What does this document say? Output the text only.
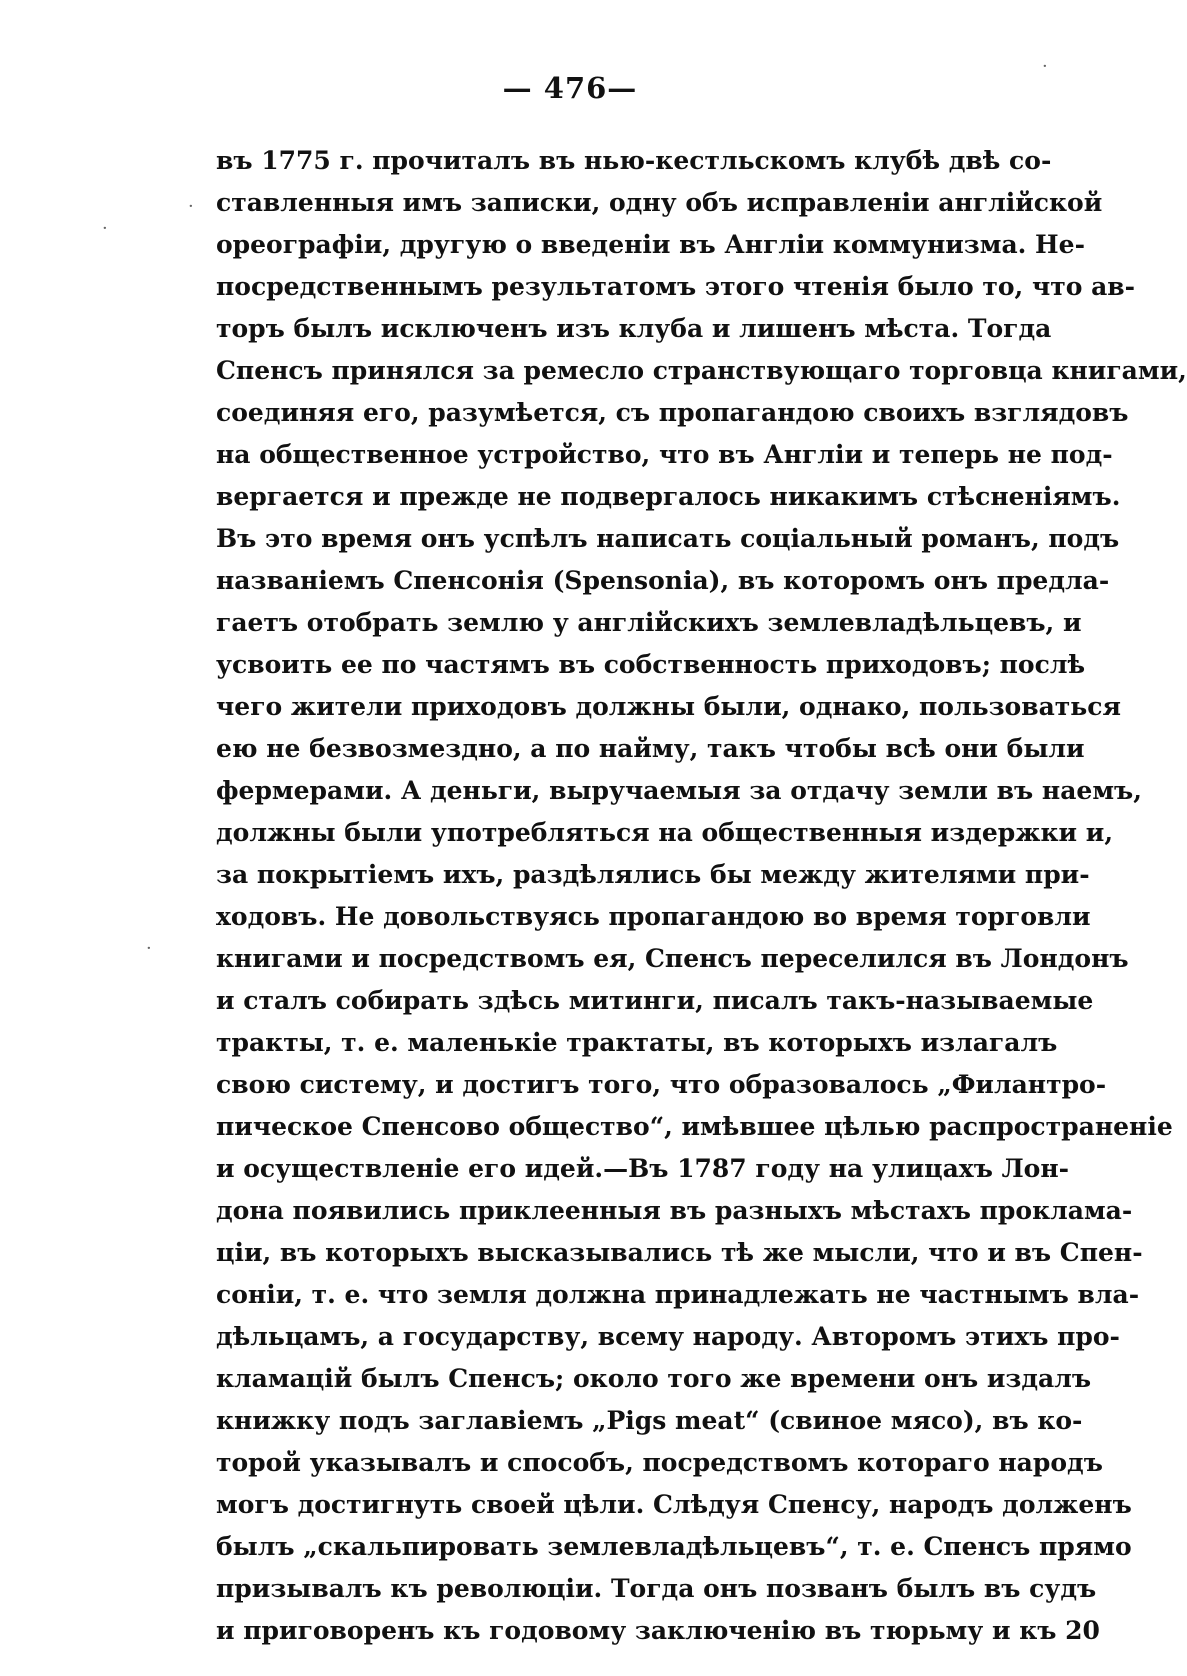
— 476—
въ 1775 г. прочиталъ въ нью-кестльскомъ клубѣ двѣ со-
ставленныя имъ записки, одну объ исправленіи англійской
ореографіи, другую о введеніи въ Англіи коммунизма. Не-
посредственнымъ результатомъ этого чтенія было то, что ав-
торъ былъ исключенъ изъ клуба и лишенъ мѣста. Тогда
Спенсъ принялся за ремесло странствующаго торговца книгами,
соединяя его, разумѣется, съ пропагандою своихъ взглядовъ
на общественное устройство, что въ Англіи и теперь не под-
вергается и прежде не подвергалось никакимъ стѣсненіямъ.
Въ это время онъ успѣлъ написать соціальный романъ, подъ
названіемъ Спенсонія (Spensonia), въ которомъ онъ предла-
гаетъ отобрать землю у англійскихъ землевладѣльцевъ, и
усвоить ее по частямъ въ собственность приходовъ; послѣ
чего жители приходовъ должны были, однако, пользоваться
ею не безвозмездно, а по найму, такъ чтобы всѣ они были
фермерами. А деньги, выручаемыя за отдачу земли въ наемъ,
должны были употребляться на общественныя издержки и,
за покрытіемъ ихъ, раздѣлялись бы между жителями при-
ходовъ. Не довольствуясь пропагандою во время торговли
книгами и посредствомъ ея, Спенсъ переселился въ Лондонъ
и сталъ собирать здѣсь митинги, писалъ такъ-называемые
тракты, т. е. маленькіе трактаты, въ которыхъ излагалъ
свою систему, и достигъ того, что образовалось „Филантро-
пическое Спенсово общество“, имѣвшее цѣлью распространеніе
и осуществленіе его идей.—Въ 1787 году на улицахъ Лон-
дона появились приклеенныя въ разныхъ мѣстахъ проклама-
ціи, въ которыхъ высказывались тѣ же мысли, что и въ Спен-
соніи, т. е. что земля должна принадлежать не частнымъ вла-
дѣльцамъ, а государству, всему народу. Авторомъ этихъ про-
кламацій былъ Спенсъ; около того же времени онъ издалъ
книжку подъ заглавіемъ „Pigs meat“ (свиное мясо), въ ко-
торой указывалъ и способъ, посредствомъ котораго народъ
могъ достигнуть своей цѣли. Слѣдуя Спенсу, народъ долженъ
былъ „скальпировать землевладѣльцевъ“, т. е. Спенсъ прямо
призывалъ къ революціи. Тогда онъ позванъ былъ въ судъ
и приговоренъ къ годовому заключенію въ тюрьму и къ 20
·
·
·
·
